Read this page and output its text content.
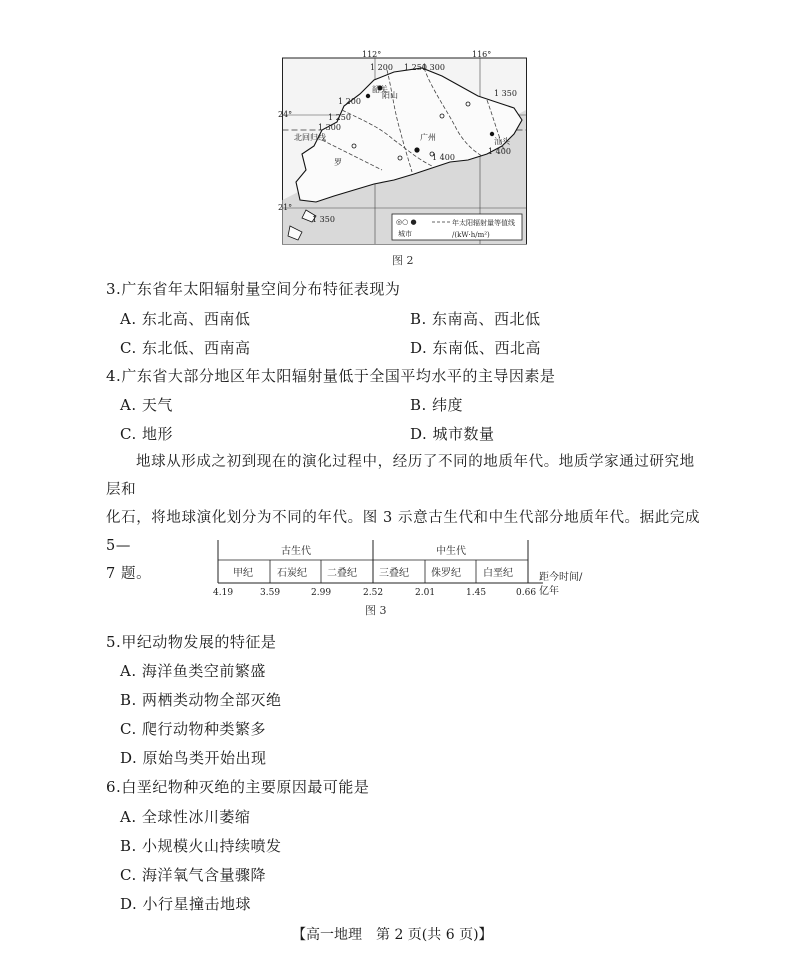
112°	116°
24°
21°
1 200 1 250
1 300
1 200
1 250
1 300
1 350
1 400
1 400
1 350
韶关
阳山
广州	汕头
北回归线
罗
◎○ ●
城市
年太阳辐射量等值线
/(kW·h/m²)
图 2
3.广东省年太阳辐射量空间分布特征表现为
A. 东北高、西南低	B. 东南高、西北低
C. 东北低、西南高	D. 东南低、西北高
4.广东省大部分地区年太阳辐射量低于全国平均水平的主导因素是
A. 天气	B. 纬度
C. 地形	D. 城市数量
地球从形成之初到现在的演化过程中，经历了不同的地质年代。地质学家通过研究地层和
化石，将地球演化划分为不同的年代。图 3 示意古生代和中生代部分地质年代。据此完成 5—
7 题。
古生代	中生代
甲纪 石炭纪 二叠纪 三叠纪 侏罗纪 白垩纪
4.19	3.59	2.99	2.52	2.01	1.45	0.66
距今时间/
亿年
图 3
5.甲纪动物发展的特征是
A. 海洋鱼类空前繁盛
B. 两栖类动物全部灭绝
C. 爬行动物种类繁多
D. 原始鸟类开始出现
6.白垩纪物种灭绝的主要原因最可能是
A. 全球性冰川萎缩
B. 小规模火山持续喷发
C. 海洋氧气含量骤降
D. 小行星撞击地球
【高一地理　第 2 页(共 6 页)】
